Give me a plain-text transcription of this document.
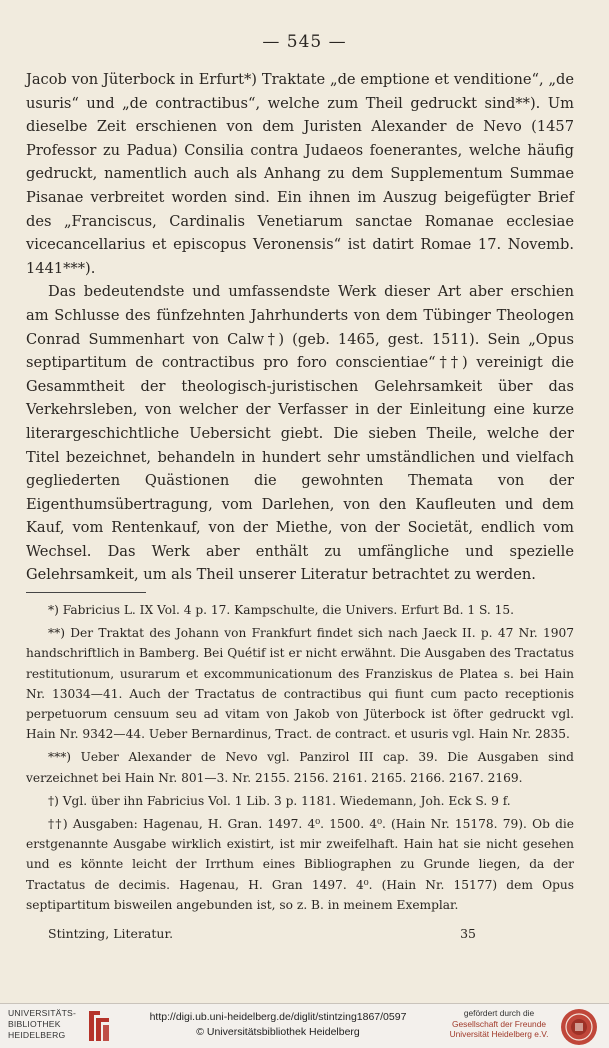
— 545 —

Jacob von Jüterbock in Erfurt*) Traktate „de emptione et venditione“, „de usuris“ und „de contractibus“, welche zum Theil gedruckt sind**). Um dieselbe Zeit erschienen von dem Juristen Alexander de Nevo (1457 Professor zu Padua) Consilia contra Judaeos foenerantes, welche häufig gedruckt, namentlich auch als Anhang zu dem Supplementum Summae Pisanae verbreitet worden sind. Ein ihnen im Auszug beigefügter Brief des „Franciscus, Cardinalis Venetiarum sanctae Romanae ecclesiae vicecancellarius et episcopus Veronensis“ ist datirt Romae 17. Novemb. 1441***).

Das bedeutendste und umfassendste Werk dieser Art aber erschien am Schlusse des fünfzehnten Jahrhunderts von dem Tübinger Theologen Conrad Summenhart von Calw†) (geb. 1465, gest. 1511). Sein „Opus septipartitum de contractibus pro foro conscientiae“††) vereinigt die Gesammtheit der theologisch-juristischen Gelehrsamkeit über das Verkehrsleben, von welcher der Verfasser in der Einleitung eine kurze literargeschichtliche Uebersicht giebt. Die sieben Theile, welche der Titel bezeichnet, behandeln in hundert sehr umständlichen und vielfach gegliederten Quästionen die gewohnten Themata von der Eigenthumsübertragung, vom Darlehen, von den Kaufleuten und dem Kauf, vom Rentenkauf, von der Miethe, von der Societät, endlich vom Wechsel. Das Werk aber enthält zu umfängliche und spezielle Gelehrsamkeit, um als Theil unserer Literatur betrachtet zu werden.

*) Fabricius L. IX Vol. 4 p. 17. Kampschulte, die Univers. Erfurt Bd. 1 S. 15.

**) Der Traktat des Johann von Frankfurt findet sich nach Jaeck II. p. 47 Nr. 1907 handschriftlich in Bamberg. Bei Quétif ist er nicht erwähnt. Die Ausgaben des Tractatus restitutionum, usurarum et excommunicationum des Franziskus de Platea s. bei Hain Nr. 13034—41. Auch der Tractatus de contractibus qui fiunt cum pacto receptionis perpetuorum censuum seu ad vitam von Jakob von Jüterbock ist öfter gedruckt vgl. Hain Nr. 9342—44. Ueber Bernardinus, Tract. de contract. et usuris vgl. Hain Nr. 2835.

***) Ueber Alexander de Nevo vgl. Panzirol III cap. 39. Die Ausgaben sind verzeichnet bei Hain Nr. 801—3. Nr. 2155. 2156. 2161. 2165. 2166. 2167. 2169.

†) Vgl. über ihn Fabricius Vol. 1 Lib. 3 p. 1181. Wiedemann, Joh. Eck S. 9 f.

††) Ausgaben: Hagenau, H. Gran. 1497. 4⁰. 1500. 4⁰. (Hain Nr. 15178. 79). Ob die erstgenannte Ausgabe wirklich existirt, ist mir zweifelhaft. Hain hat sie nicht gesehen und es könnte leicht der Irrthum eines Bibliographen zu Grunde liegen, da der Tractatus de decimis. Hagenau, H. Gran 1497. 4⁰. (Hain Nr. 15177) dem Opus septipartitum bisweilen angebunden ist, so z. B. in meinem Exemplar.

Stintzing, Literatur.	35
UNIVERSITÄTS-
BIBLIOTHEK
HEIDELBERG
http://digi.ub.uni-heidelberg.de/diglit/stintzing1867/0597
© Universitätsbibliothek Heidelberg
gefördert durch die
Gesellschaft der Freunde
Universität Heidelberg e.V.
